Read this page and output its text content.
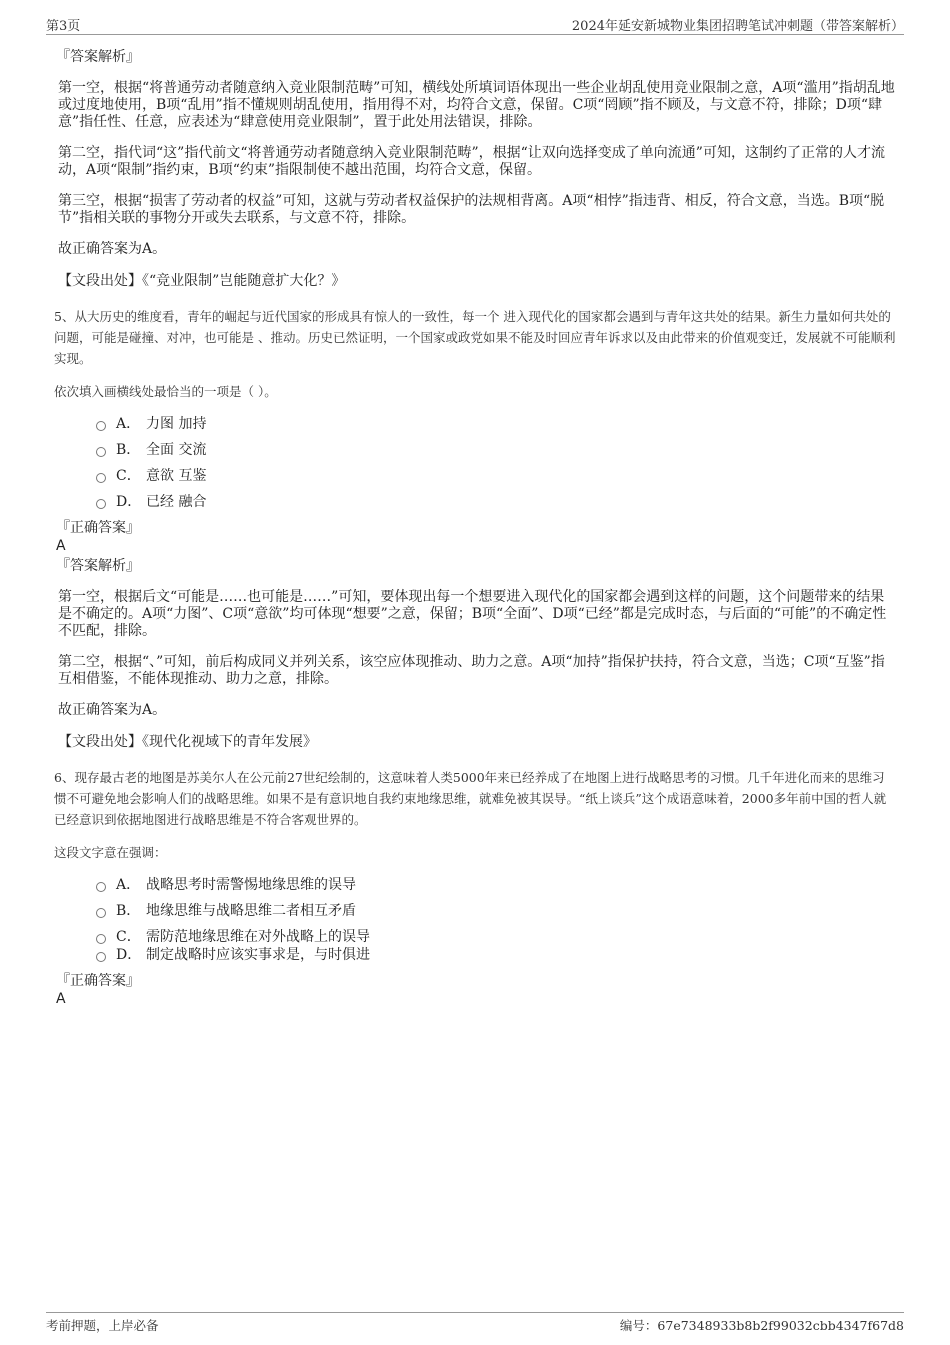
第3页	2024年延安新城物业集团招聘笔试冲刺题（带答案解析）
『答案解析』

第一空，根据“将普通劳动者随意纳入竞业限制范畴”可知，横线处所填词语体现出一些企业胡乱使用竞业限制之意，A项“滥用”指胡乱地或过度地使用，B项“乱用”指不懂规则胡乱使用，指用得不对，均符合文意，保留。C项“罔顾”指不顾及，与文意不符，排除；D项“肆意”指任性、任意，应表述为“肆意使用竞业限制”，置于此处用法错误，排除。

第二空，指代词“这”指代前文“将普通劳动者随意纳入竞业限制范畴”，根据“让双向选择变成了单向流通”可知，这制约了正常的人才流动，A项“限制”指约束，B项“约束”指限制使不越出范围，均符合文意，保留。

第三空，根据“损害了劳动者的权益”可知，这就与劳动者权益保护的法规相背离。A项“相悖”指违背、相反，符合文意，当选。B项“脱节”指相关联的事物分开或失去联系，与文意不符，排除。

故正确答案为A。

【文段出处】《“竞业限制”岂能随意扩大化？》

5、从大历史的维度看，青年的崛起与近代国家的形成具有惊人的一致性，每一个 进入现代化的国家都会遇到与青年这共处的结果。新生力量如何共处的问题，可能是碰撞、对冲，也可能是 、推动。历史已然证明，一个国家或政党如果不能及时回应青年诉求以及由此带来的价值观变迁，发展就不可能顺利实现。

依次填入画横线处最恰当的一项是（ ）。

A． 力图 加持
B． 全面 交流
C． 意欲 互鉴
D． 已经 融合
『正确答案』
A
『答案解析』

第一空，根据后文“可能是……也可能是……”可知，要体现出每一个想要进入现代化的国家都会遇到这样的问题，这个问题带来的结果是不确定的。A项“力图”、C项“意欲”均可体现“想要”之意，保留；B项“全面”、D项“已经”都是完成时态，与后面的“可能”的不确定性不匹配，排除。

第二空，根据“、”可知，前后构成同义并列关系，该空应体现推动、助力之意。A项“加持”指保护扶持，符合文意，当选；C项“互鉴”指互相借鉴，不能体现推动、助力之意，排除。

故正确答案为A。

【文段出处】《现代化视域下的青年发展》

6、现存最古老的地图是苏美尔人在公元前27世纪绘制的，这意味着人类5000年来已经养成了在地图上进行战略思考的习惯。几千年进化而来的思维习惯不可避免地会影响人们的战略思维。如果不是有意识地自我约束地缘思维，就难免被其误导。“纸上谈兵”这个成语意味着，2000多年前中国的哲人就已经意识到依据地图进行战略思维是不符合客观世界的。

这段文字意在强调：

A． 战略思考时需警惕地缘思维的误导
B． 地缘思维与战略思维二者相互矛盾
C． 需防范地缘思维在对外战略上的误导
D． 制定战略时应该实事求是，与时俱进
『正确答案』
A
考前押题，上岸必备	编号：67e7348933b8b2f99032cbb4347f67d8
